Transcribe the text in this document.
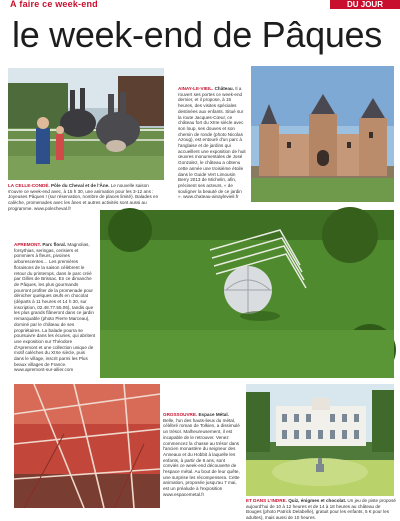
À faire ce week-end	DU JOUR
le week-end de Pâques
LA CELLE-CONDÉ. Pôle du Cheval et de l'Âne. Le nouvelle saison s'ouvre ce week-end avec, à 15 h 30, une animation pour les 3-12 ans : Joyeuses Pâques ! (sur réservation, nombre de places limité). Balades en calèche, promenades avec les ânes et autres activités sont aussi au programme. www.polecheval.fr
AINAY-LE-VIEIL. Château. Il a rouvert ses portes ce week-end dernier, et il propose, à 15 heures, des visites spéciales destinées aux enfants. Situé sur la route Jacques-Cœur, ce château fort du XIIIe siècle avec son loup, ses douves et son chemin de ronde (photo Nicolas Azoug), est entouré d'un parc à l'anglaise et de jardins qui accueillent une exposition de huit œuvres monumentales de José Gonzalez, le château a obtenu cette année une troisième étoile dans le Guide Vert Limousin Berry 2013 de Michelin, afin, précisent ses acteurs, « de souligner la beauté de ce jardin ». www.chateau-ainaylevieil.fr
APREMONT. Parc floral. Magnolias, forsythias, seringas, cerisiers et pommiers à fleurs, pivoines arborescentes… Les premières floraisons de la saison célèbrent le retour du printemps, dans le parc créé par Gilles de Brissac. En ce dimanche de Pâques, les plus gourmands pourront profiter de la promenade pour dénicher quelques œufs en chocolat (départs à 11 heures et 14 h 30, sur inscription, 02.48.77.55.06), tandis que les plus grands flâneront dans ce jardin remarquable (photo Pierre Marceau), dominé par le château de ses propriétaires. La balade pourra se poursuivre dans les écuries, qui abritent une exposition sur Théodore d'Apremont et une collection unique de motif calèches du XIXe siècle, puis dans le village, inscrit parmi les Plus beaux villages de France. www.apremont-sur-allier.com
GROSSOUVRE. Espace Métal. Belle, l'un des hauts-lieux du métal, célébré roman de Tolkien, a dissimulé un trésor. Malheureusement, il est incapable de le retrouver. Venez commencez la chasse au trésor dans l'ancien monastère du seigneur des Anneaux et du Hobbit à laquelle les enfants, à partir de 8 ans, sont conviés ce week-end découverte de l'espace métal. Au bout de leur quête, une surprise les récompensera. Cette animation, proposée jusqu'au 7 mai, est un préalude à l'exposition www.espacemetal.fr
ET DANS L'INDRE. Quiz, énigmes et chocolat. Un jeu de piste proposé aujourd'hui de 10 à 12 heures et de 14 à 18 heures au château de Bouges (photo Patrick Delabelle), gratuit pour les enfants, 5 € pour les adultes), mais aussi de 10 heures.
